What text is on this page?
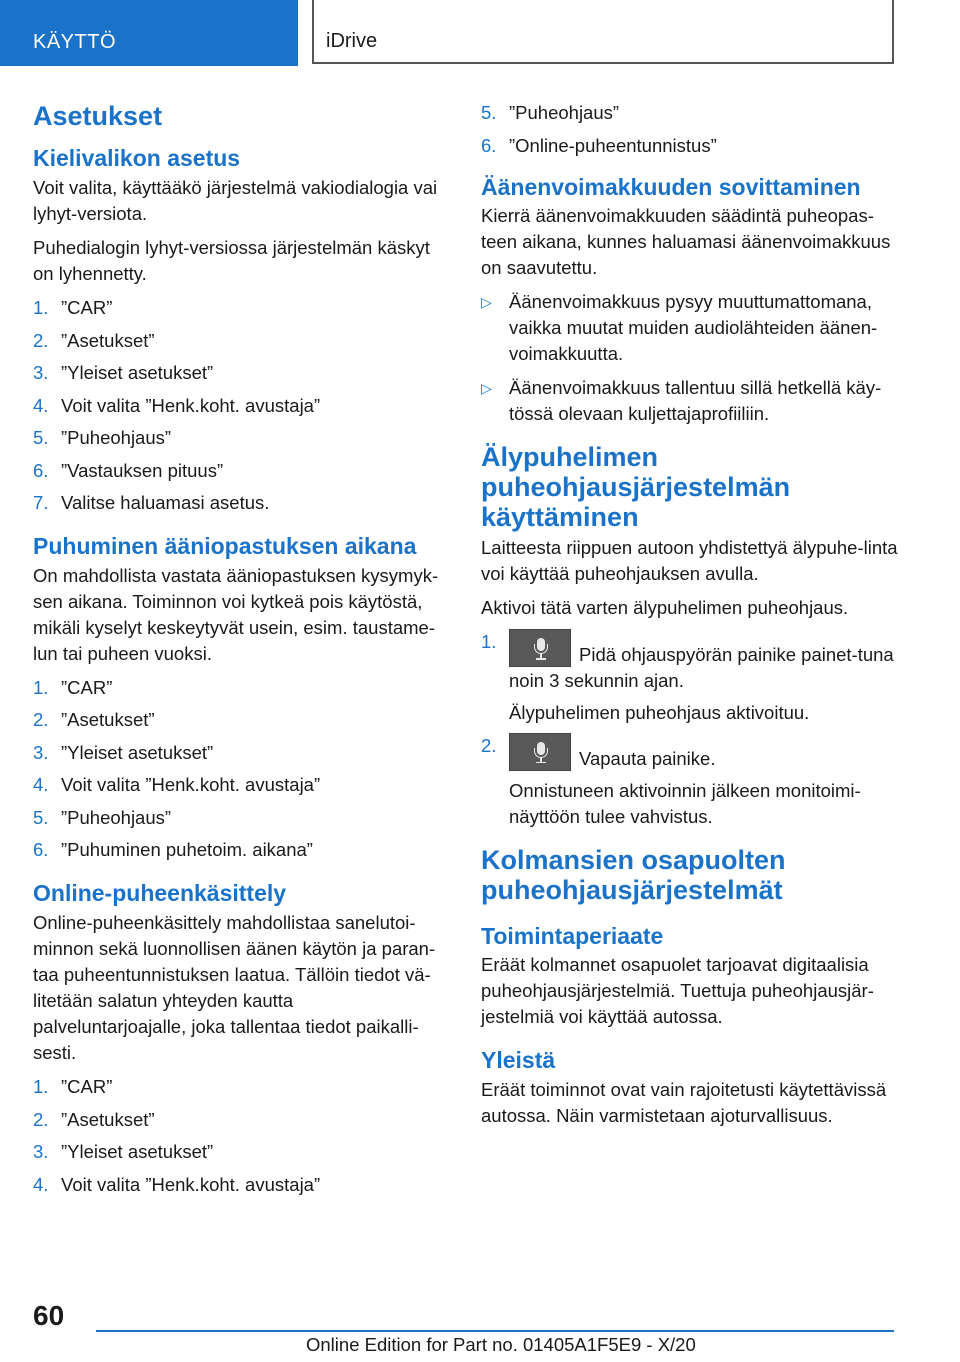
KÄYTTÖ	iDrive
Asetukset
Kielivalikon asetus

Voit valita, käyttääkö järjestelmä vakiodialogia vai lyhyt-versiota.

Puhedialogin lyhyt-versiossa järjestelmän käskyt on lyhennetty.

1. ”CAR”
2. ”Asetukset”
3. ”Yleiset asetukset”
4. Voit valita ”Henk.koht. avustaja”
5. ”Puheohjaus”
6. ”Vastauksen pituus”
7. Valitse haluamasi asetus.
Puhuminen ääniopastuksen aikana

On mahdollista vastata ääniopastuksen kysymyk-sen aikana. Toiminnon voi kytkeä pois käytöstä, mikäli kyselyt keskeytyvät usein, esim. taustame-lun tai puheen vuoksi.

1. ”CAR”
2. ”Asetukset”
3. ”Yleiset asetukset”
4. Voit valita ”Henk.koht. avustaja”
5. ”Puheohjaus”
6. ”Puhuminen puhetoim. aikana”
Online-puheenkäsittely

Online-puheenkäsittely mahdollistaa sanelutoi-minnon sekä luonnollisen äänen käytön ja paran-taa puheentunnistuksen laatua. Tällöin tiedot vä-litetään salatun yhteyden kautta palveluntarjoajalle, joka tallentaa tiedot paikalli-sesti.

1. ”CAR”
2. ”Asetukset”
3. ”Yleiset asetukset”
4. Voit valita ”Henk.koht. avustaja”
5. ”Puheohjaus”
6. ”Online-puheentunnistus”
Äänenvoimakkuuden sovittaminen

Kierrä äänenvoimakkuuden säädintä puheopas-teen aikana, kunnes haluamasi äänenvoimakkuus on saavutettu.

▷ Äänenvoimakkuus pysyy muuttumattomana, vaikka muutat muiden audiolähteiden äänen-voimakkuutta.
▷ Äänenvoimakkuus tallentuu sillä hetkellä käy-tössä olevaan kuljettajaprofiiliin.
Älypuhelimen puheohjausjärjestelmän käyttäminen

Laitteesta riippuen autoon yhdistettyä älypuhe-linta voi käyttää puheohjauksen avulla.

Aktivoi tätä varten älypuhelimen puheohjaus.

1.
Pidä ohjauspyörän painike painet-tuna noin 3 sekunnin ajan.
Älypuhelimen puheohjaus aktivoituu.
2.
Vapauta painike.
Onnistuneen aktivoinnin jälkeen monitoimi-näyttöön tulee vahvistus.
Kolmansien osapuolten puheohjausjärjestelmät
Toimintaperiaate

Eräät kolmannet osapuolet tarjoavat digitaalisia puheohjausjärjestelmiä. Tuettuja puheohjausjär-jestelmiä voi käyttää autossa.

Yleistä

Eräät toiminnot ovat vain rajoitetusti käytettävissä autossa. Näin varmistetaan ajoturvallisuus.

60
Online Edition for Part no. 01405A1F5E9 - X/20
